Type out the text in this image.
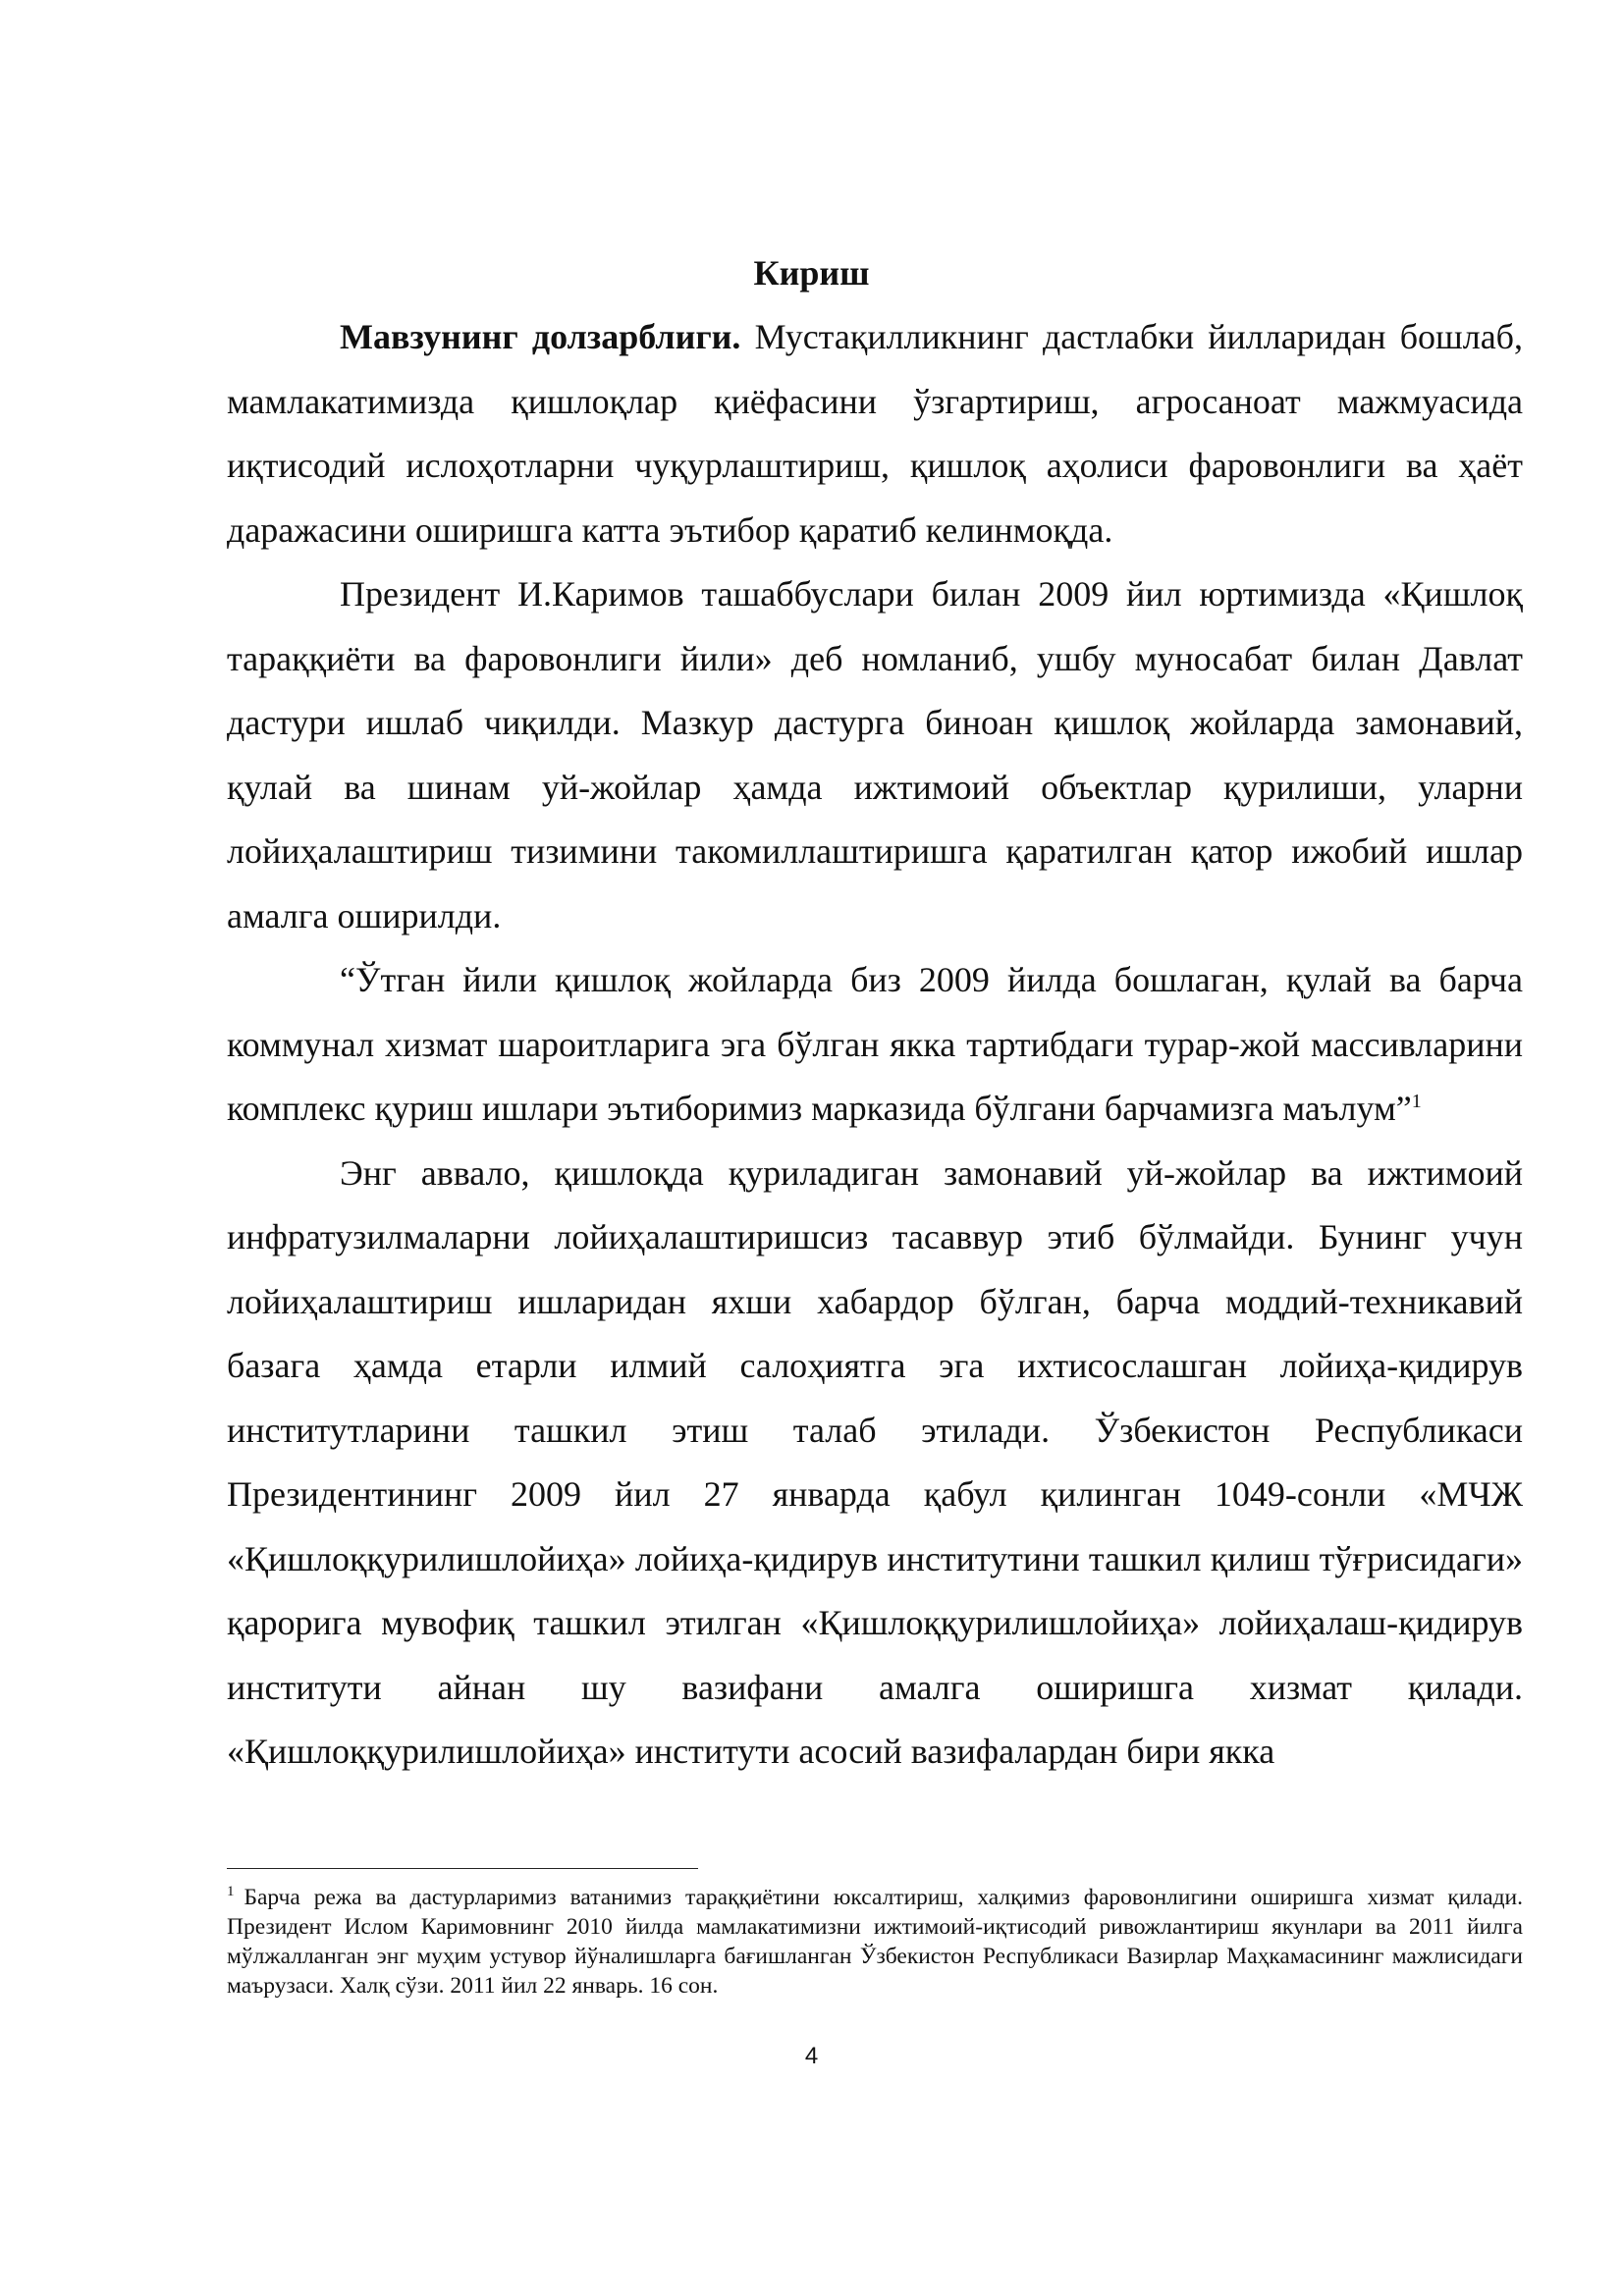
Кириш

Мавзунинг долзарблиги. Мустақилликнинг дастлабки йилларидан бошлаб, мамлакатимизда қишлоқлар қиёфасини ўзгартириш, агросаноат мажмуасида иқтисодий ислоҳотларни чуқурлаштириш, қишлоқ аҳолиси фаровонлиги ва ҳаёт даражасини оширишга катта эътибор қаратиб келинмоқда.

Президент И.Каримов ташаббуслари билан 2009 йил юртимизда «Қишлоқ тараққиёти ва фаровонлиги йили» деб номланиб, ушбу муносабат билан Давлат дастури ишлаб чиқилди. Мазкур дастурга биноан қишлоқ жойларда замонавий, қулай ва шинам уй-жойлар ҳамда ижтимоий объектлар қурилиши, уларни лойиҳалаштириш тизимини такомиллаштиришга қаратилган қатор ижобий ишлар амалга оширилди.

“Ўтган йили қишлоқ жойларда биз 2009 йилда бошлаган, қулай ва барча коммунал хизмат шароитларига эга бўлган якка тартибдаги турар-жой массивларини комплекс қуриш ишлари эътиборимиз марказида бўлгани барчамизга маълум”$^1$

Энг аввало, қишлоқда қуриладиган замонавий уй-жойлар ва ижтимоий инфратузилмаларни лойиҳалаштиришсиз тасаввур этиб бўлмайди. Бунинг учун лойиҳалаштириш ишларидан яхши хабардор бўлган, барча моддий-техникавий базага ҳамда етарли илмий салоҳиятга эга ихтисослашган лойиҳа-қидирув институтларини ташкил этиш талаб этилади. Ўзбекистон Республикаси Президентининг 2009 йил 27 январда қабул қилинган 1049-сонли «МЧЖ «Қишлоққурилишлойиҳа» лойиҳа-қидирув институтини ташкил қилиш тўғрисидаги» қарорига мувофиқ ташкил этилган «Қишлоққурилишлойиҳа» лойиҳалаш-қидирув институти айнан шу вазифани амалга оширишга хизмат қилади. «Қишлоққурилишлойиҳа» институти асосий вазифалардан бири якка

$^1$ Барча режа ва дастурларимиз ватанимиз тараққиётини юксалтириш, халқимиз фаровонлигини оширишга хизмат қилади. Президент Ислом Каримовнинг 2010 йилда мамлакатимизни ижтимоий-иқтисодий ривожлантириш якунлари ва 2011 йилга мўлжалланган энг муҳим устувор йўналишларга бағишланган Ўзбекистон Республикаси Вазирлар Маҳкамасининг мажлисидаги маърузаси. Халқ сўзи. 2011 йил 22 январь. 16 сон.

4
